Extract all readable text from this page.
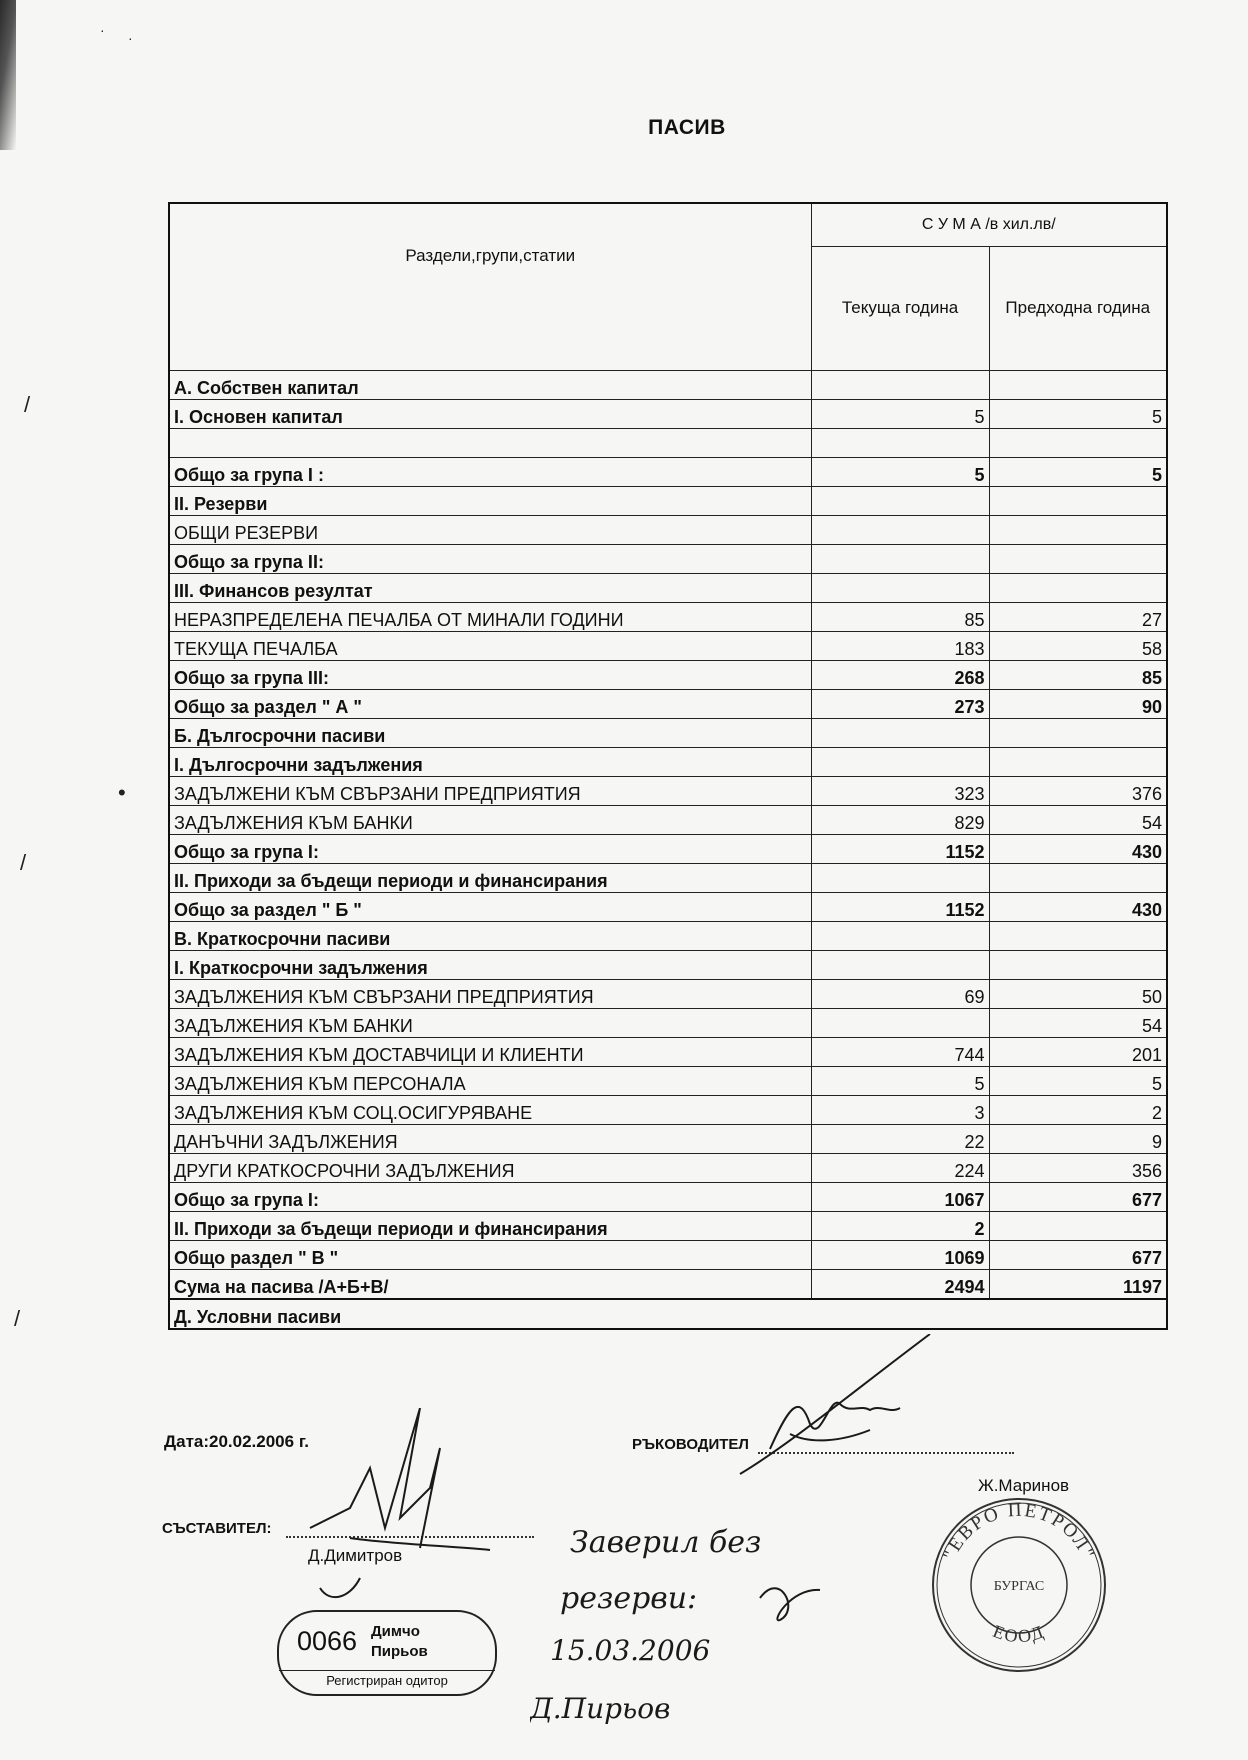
· ·
/
/
/
•
ПАСИВ
Раздели,групи,статии	С У М А /в хил.лв/	
	Текуща година	Предходна година
А. Собствен капитал		
I. Основен капитал	5	5

Общо за група I :	5	5
II. Резерви		
ОБЩИ РЕЗЕРВИ		
Общо за група II:		
III. Финансов резултат		
НЕРАЗПРЕДЕЛЕНА ПЕЧАЛБА ОТ МИНАЛИ ГОДИНИ	85	27
ТЕКУЩА ПЕЧАЛБА	183	58
Общо за група III:	268	85
Общо за раздел " А "	273	90
Б. Дългосрочни пасиви		
I. Дългосрочни задължения		
ЗАДЪЛЖЕНИ КЪМ СВЪРЗАНИ ПРЕДПРИЯТИЯ	323	376
ЗАДЪЛЖЕНИЯ КЪМ БАНКИ	829	54
Общо за група I:	1152	430
II. Приходи за бъдещи периоди и финансирания		
Общо за раздел " Б "	1152	430
В. Краткосрочни пасиви		
I. Краткосрочни задължения		
ЗАДЪЛЖЕНИЯ КЪМ СВЪРЗАНИ ПРЕДПРИЯТИЯ	69	50
ЗАДЪЛЖЕНИЯ КЪМ БАНКИ		54
ЗАДЪЛЖЕНИЯ КЪМ ДОСТАВЧИЦИ И КЛИЕНТИ	744	201
ЗАДЪЛЖЕНИЯ КЪМ ПЕРСОНАЛА	5	5
ЗАДЪЛЖЕНИЯ КЪМ СОЦ.ОСИГУРЯВАНЕ	3	2
ДАНЪЧНИ ЗАДЪЛЖЕНИЯ	22	9
ДРУГИ КРАТКОСРОЧНИ ЗАДЪЛЖЕНИЯ	224	356
Общо за група I:	1067	677
II. Приходи за бъдещи периоди и финансирания	2	
Общо раздел " В "	1069	677
Сума на пасива /А+Б+В/	2494	1197
Д. Условни пасиви		
Дата:20.02.2006 г.	РЪКОВОДИТЕЛ
Ж.Маринов
СЪСТАВИТЕЛ:
Д.Димитров
0066 Димчо
Пирьов
Регистриран одитор
"ЕВРО ПЕТРОЛ"
БУРГАС
ЕООД
Заверил без
резерви:
15.03.2006
Д.Пирьов
